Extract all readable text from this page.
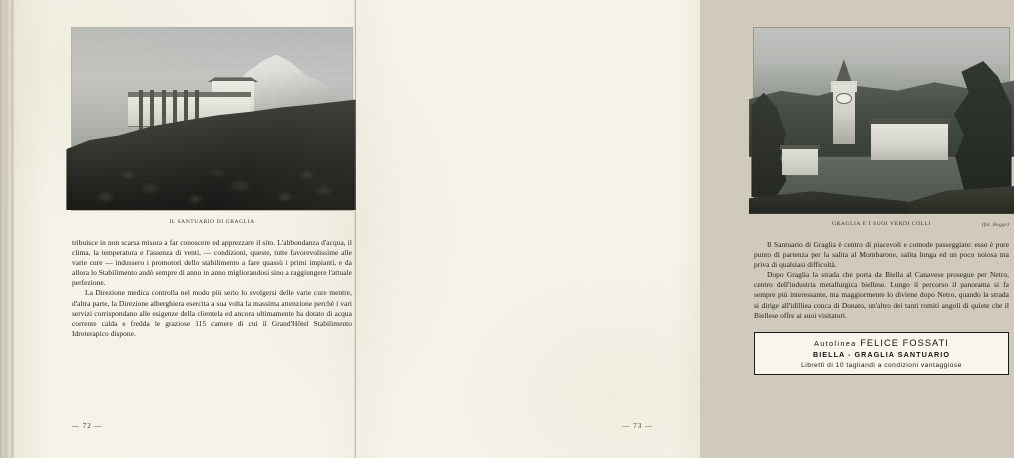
IL SANTUARIO DI GRAGLIA

tribuisce in non scarsa misura a far conoscere ed apprezzare il sito. L'abbondanza d'acqua, il clima, la temperatura e l'assenza di venti, — condizioni, queste, tutte favorevolissime alle varie cure — indussero i promotori dello stabilimento a fare quassù i primi impianti, e da allora lo Stabilimento andò sempre di anno in anno migliorandosi sino a raggiungere l'attuale perfezione.

La Direzione medica controlla nel modo più serio lo svolgersi delle varie cure mentre, d'altra parte, la Direzione alberghiera esercita a sua volta la massima attenzione perchè i vari servizi corrispondano alle esigenze della clientela ed ancora ultimamente ha dotato di acqua corrente calda e fredda le graziose 115 camere di cui il Grand'Hôtel Stabilimento Idroterapico dispone.

— 72 —
GRAGLIA E I SUOI VERDI COLLI	(fot. Bogge)

Il Santuario di Graglia è centro di piacevoli e comode passeggiate: esso è pure punto di partenza per la salita al Mombarone, salita lunga ed un poco noiosa ma priva di qualsiasi difficoltà.

Dopo Graglia la strada che porta da Biella al Canavese prosegue per Netro, centro dell'industria metallurgica biellese. Lungo il percorso il panorama si fa sempre più interessante, ma maggiormente lo diviene dopo Netro, quando la strada si dirige all'idilliea conca di Donato, un'altro dei tanti romiti angoli di quiete che il Biellese offre ai suoi visitatori.

Autolinea FELICE FOSSATI
BIELLA - GRAGLIA SANTUARIO
Libretti di 10 tagliandi a condizioni vantaggiose
— 73 —
